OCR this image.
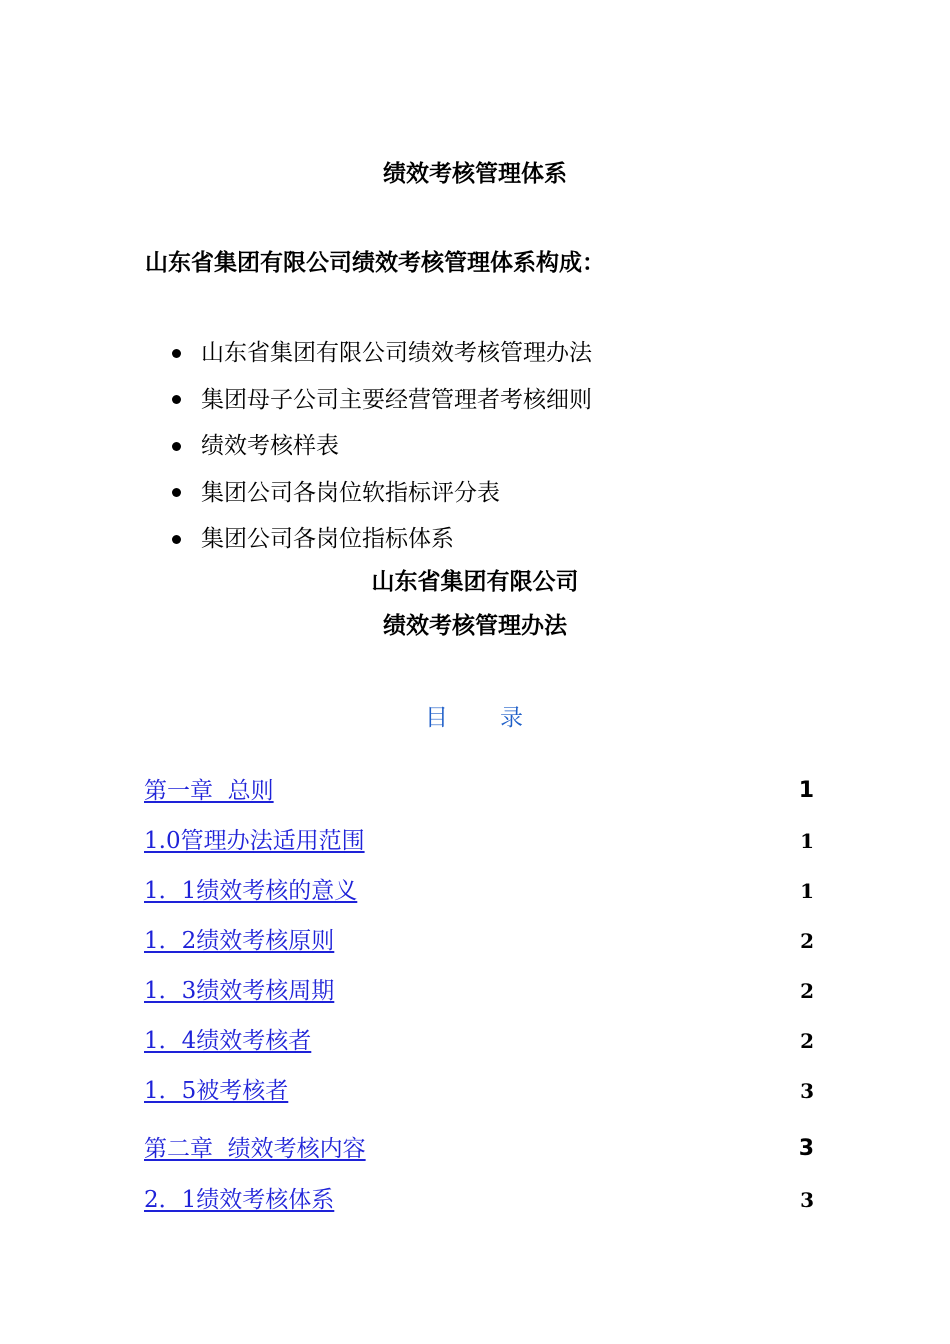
绩效考核管理体系
山东省集团有限公司绩效考核管理体系构成：
山东省集团有限公司绩效考核管理办法
集团母子公司主要经营管理者考核细则
绩效考核样表
集团公司各岗位软指标评分表
集团公司各岗位指标体系
山东省集团有限公司
绩效考核管理办法
目 录
第一章  总则	1
1.0管理办法适用范围	1
1．1绩效考核的意义	1
1．2绩效考核原则	2
1．3绩效考核周期	2
1．4绩效考核者	2
1．5被考核者	3
第二章  绩效考核内容	3
2．1绩效考核体系	3
